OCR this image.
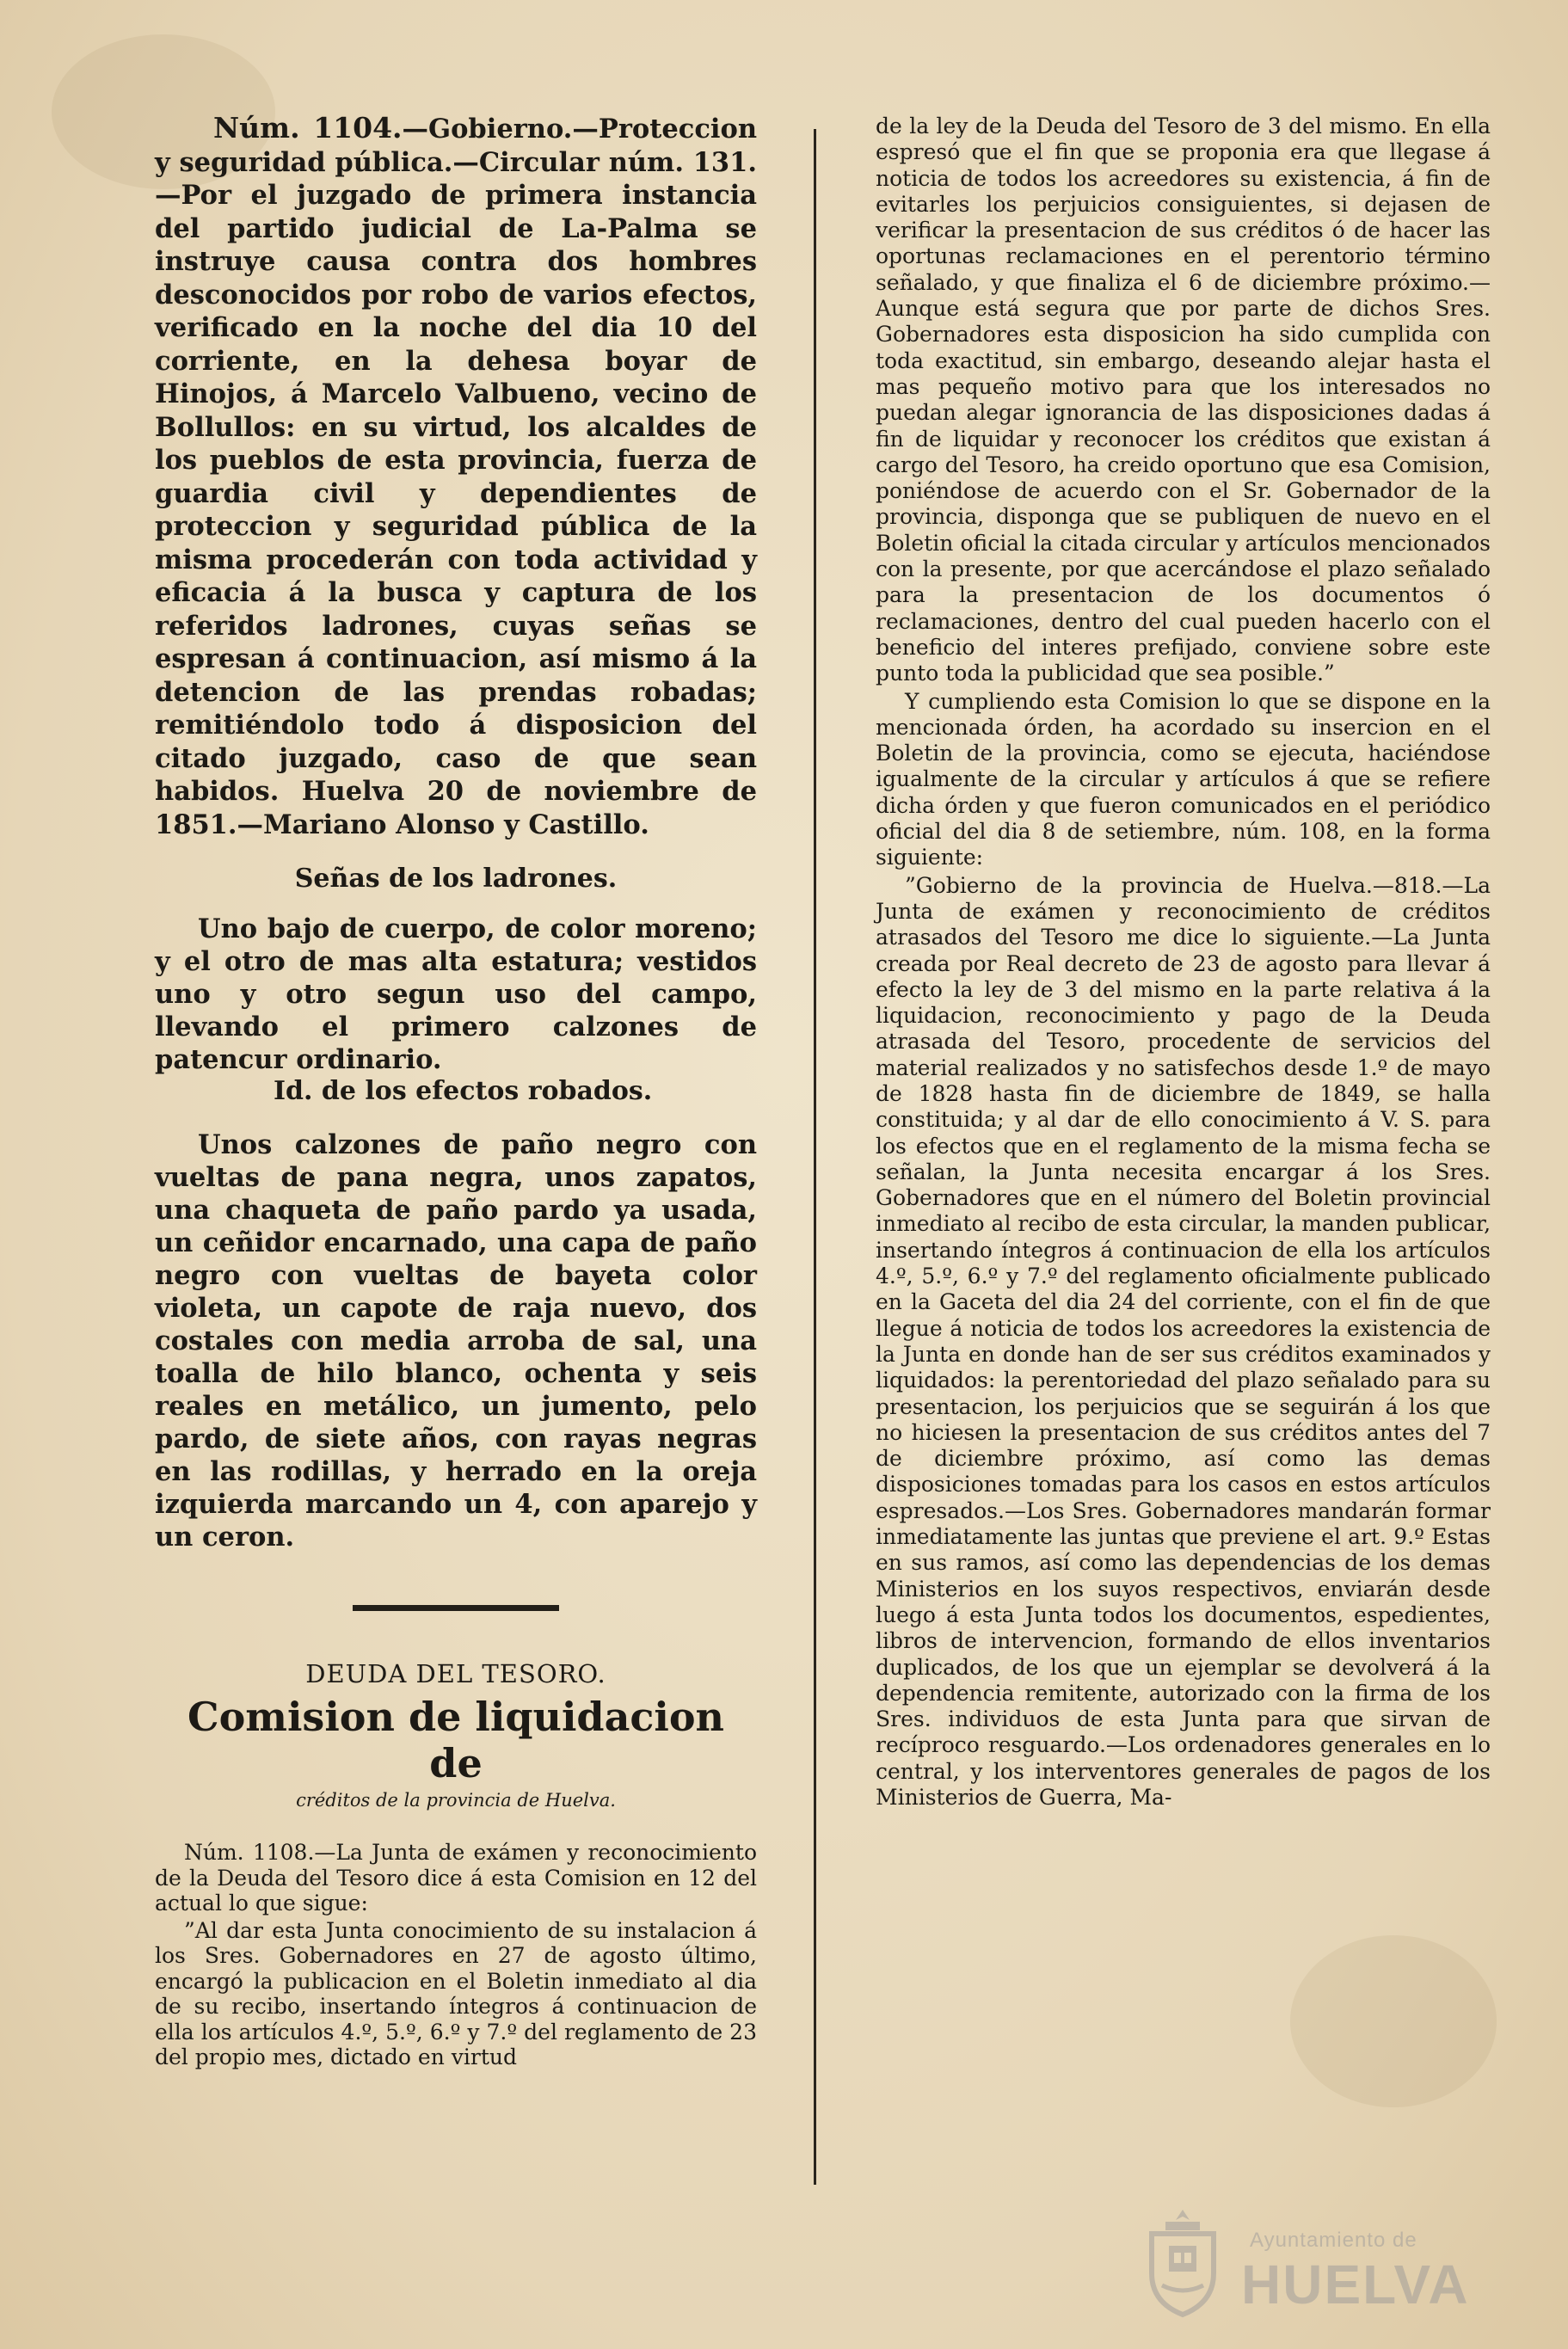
Núm. 1104.—Gobierno.—Proteccion y seguridad pública.—Circular núm. 131.—Por el juzgado de primera instancia del partido judicial de La-Palma se instruye causa contra dos hombres desconocidos por robo de varios efectos, verificado en la noche del dia 10 del corriente, en la dehesa boyar de Hinojos, á Marcelo Valbueno, vecino de Bollullos: en su virtud, los alcaldes de los pueblos de esta provincia, fuerza de guardia civil y dependientes de proteccion y seguridad pública de la misma procederán con toda actividad y eficacia á la busca y captura de los referidos ladrones, cuyas señas se espresan á continuacion, así mismo á la detencion de las prendas robadas; remitiéndolo todo á disposicion del citado juzgado, caso de que sean habidos. Huelva 20 de noviembre de 1851.—Mariano Alonso y Castillo.

Señas de los ladrones.

Uno bajo de cuerpo, de color moreno; y el otro de mas alta estatura; vestidos uno y otro segun uso del campo, llevando el primero calzones de patencur ordinario.

Id. de los efectos robados.

Unos calzones de paño negro con vueltas de pana negra, unos zapatos, una chaqueta de paño pardo ya usada, un ceñidor encarnado, una capa de paño negro con vueltas de bayeta color violeta, un capote de raja nuevo, dos costales con media arroba de sal, una toalla de hilo blanco, ochenta y seis reales en metálico, un jumento, pelo pardo, de siete años, con rayas negras en las rodillas, y herrado en la oreja izquierda marcando un 4, con aparejo y un ceron.

DEUDA DEL TESORO.
Comision de liquidacion de
créditos de la provincia de Huelva.

Núm. 1108.—La Junta de exámen y reconocimiento de la Deuda del Tesoro dice á esta Comision en 12 del actual lo que sigue:

”Al dar esta Junta conocimiento de su instalacion á los Sres. Gobernadores en 27 de agosto último, encargó la publicacion en el Boletin inmediato al dia de su recibo, insertando íntegros á continuacion de ella los artículos 4.º, 5.º, 6.º y 7.º del reglamento de 23 del propio mes, dictado en virtud

de la ley de la Deuda del Tesoro de 3 del mismo. En ella espresó que el fin que se proponia era que llegase á noticia de todos los acreedores su existencia, á fin de evitarles los perjuicios consiguientes, si dejasen de verificar la presentacion de sus créditos ó de hacer las oportunas reclamaciones en el perentorio término señalado, y que finaliza el 6 de diciembre próximo.—Aunque está segura que por parte de dichos Sres. Gobernadores esta disposicion ha sido cumplida con toda exactitud, sin embargo, deseando alejar hasta el mas pequeño motivo para que los interesados no puedan alegar ignorancia de las disposiciones dadas á fin de liquidar y reconocer los créditos que existan á cargo del Tesoro, ha creido oportuno que esa Comision, poniéndose de acuerdo con el Sr. Gobernador de la provincia, disponga que se publiquen de nuevo en el Boletin oficial la citada circular y artículos mencionados con la presente, por que acercándose el plazo señalado para la presentacion de los documentos ó reclamaciones, dentro del cual pueden hacerlo con el beneficio del interes prefijado, conviene sobre este punto toda la publicidad que sea posible.”

Y cumpliendo esta Comision lo que se dispone en la mencionada órden, ha acordado su insercion en el Boletin de la provincia, como se ejecuta, haciéndose igualmente de la circular y artículos á que se refiere dicha órden y que fueron comunicados en el periódico oficial del dia 8 de setiembre, núm. 108, en la forma siguiente:

”Gobierno de la provincia de Huelva.—818.—La Junta de exámen y reconocimiento de créditos atrasados del Tesoro me dice lo siguiente.—La Junta creada por Real decreto de 23 de agosto para llevar á efecto la ley de 3 del mismo en la parte relativa á la liquidacion, reconocimiento y pago de la Deuda atrasada del Tesoro, procedente de servicios del material realizados y no satisfechos desde 1.º de mayo de 1828 hasta fin de diciembre de 1849, se halla constituida; y al dar de ello conocimiento á V. S. para los efectos que en el reglamento de la misma fecha se señalan, la Junta necesita encargar á los Sres. Gobernadores que en el número del Boletin provincial inmediato al recibo de esta circular, la manden publicar, insertando íntegros á continuacion de ella los artículos 4.º, 5.º, 6.º y 7.º del reglamento oficialmente publicado en la Gaceta del dia 24 del corriente, con el fin de que llegue á noticia de todos los acreedores la existencia de la Junta en donde han de ser sus créditos examinados y liquidados: la perentoriedad del plazo señalado para su presentacion, los perjuicios que se seguirán á los que no hiciesen la presentacion de sus créditos antes del 7 de diciembre próximo, así como las demas disposiciones tomadas para los casos en estos artículos espresados.—Los Sres. Gobernadores mandarán formar inmediatamente las juntas que previene el art. 9.º Estas en sus ramos, así como las dependencias de los demas Ministerios en los suyos respectivos, enviarán desde luego á esta Junta todos los documentos, espedientes, libros de intervencion, formando de ellos inventarios duplicados, de los que un ejemplar se devolverá á la dependencia remitente, autorizado con la firma de los Sres. individuos de esta Junta para que sirvan de recíproco resguardo.—Los ordenadores generales en lo central, y los interventores generales de pagos de los Ministerios de Guerra, Ma-

Ayuntamiento de
HUELVA
